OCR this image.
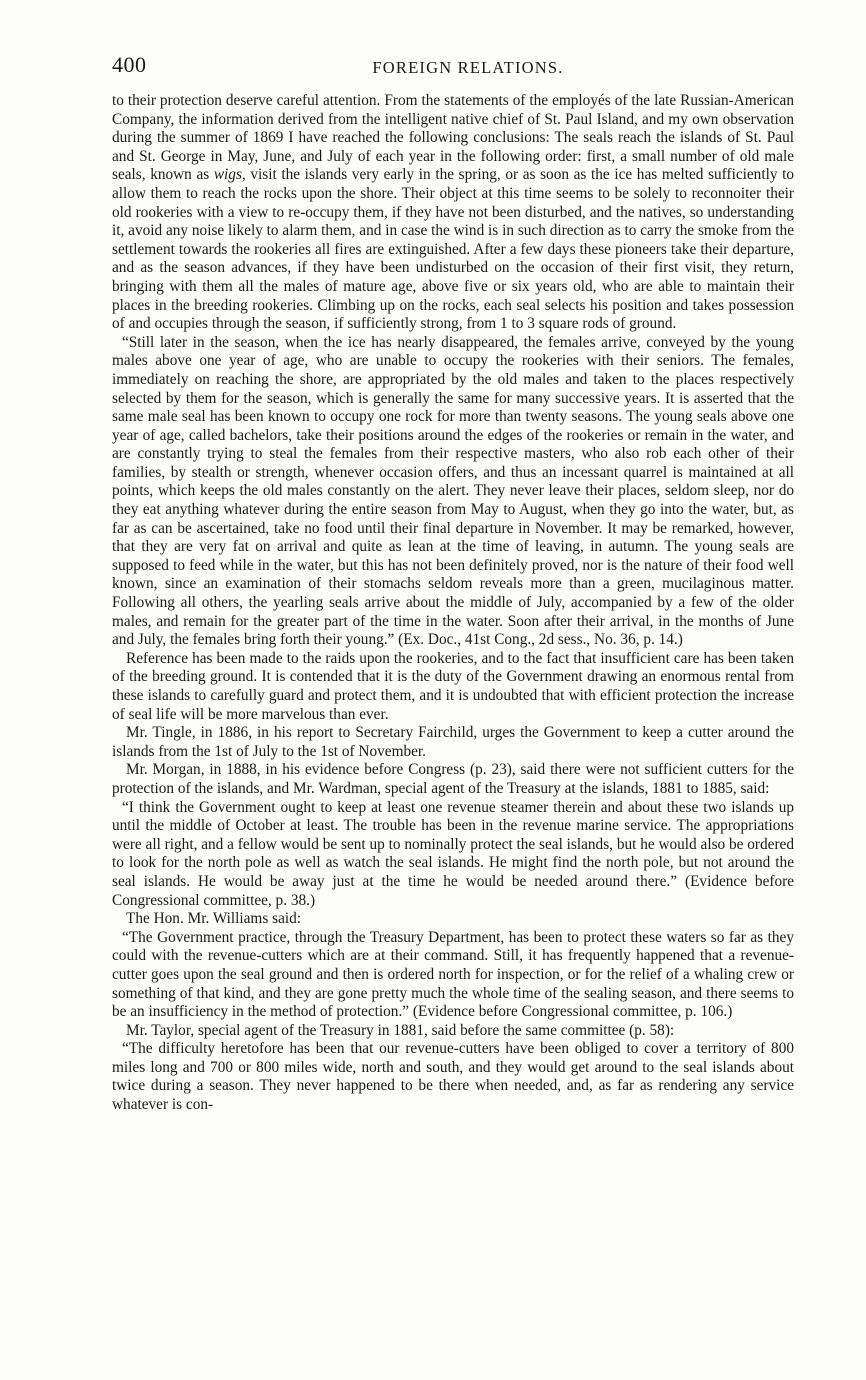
400	FOREIGN RELATIONS.

to their protection deserve careful attention. From the statements of the employés of the late Russian-American Company, the information derived from the intelligent native chief of St. Paul Island, and my own observation during the summer of 1869 I have reached the following conclusions: The seals reach the islands of St. Paul and St. George in May, June, and July of each year in the following order: first, a small number of old male seals, known as wigs, visit the islands very early in the spring, or as soon as the ice has melted sufficiently to allow them to reach the rocks upon the shore. Their object at this time seems to be solely to reconnoiter their old rookeries with a view to re-occupy them, if they have not been disturbed, and the natives, so understanding it, avoid any noise likely to alarm them, and in case the wind is in such direction as to carry the smoke from the settlement towards the rookeries all fires are extinguished. After a few days these pioneers take their departure, and as the season advances, if they have been undisturbed on the occasion of their first visit, they return, bringing with them all the males of mature age, above five or six years old, who are able to maintain their places in the breeding rookeries. Climbing up on the rocks, each seal selects his position and takes possession of and occupies through the season, if sufficiently strong, from 1 to 3 square rods of ground.

“Still later in the season, when the ice has nearly disappeared, the females arrive, conveyed by the young males above one year of age, who are unable to occupy the rookeries with their seniors. The females, immediately on reaching the shore, are appropriated by the old males and taken to the places respectively selected by them for the season, which is generally the same for many successive years. It is asserted that the same male seal has been known to occupy one rock for more than twenty seasons. The young seals above one year of age, called bachelors, take their positions around the edges of the rookeries or remain in the water, and are constantly trying to steal the females from their respective masters, who also rob each other of their families, by stealth or strength, whenever occasion offers, and thus an incessant quarrel is maintained at all points, which keeps the old males constantly on the alert. They never leave their places, seldom sleep, nor do they eat anything whatever during the entire season from May to August, when they go into the water, but, as far as can be ascertained, take no food until their final departure in November. It may be remarked, however, that they are very fat on arrival and quite as lean at the time of leaving, in autumn. The young seals are supposed to feed while in the water, but this has not been definitely proved, nor is the nature of their food well known, since an examination of their stomachs seldom reveals more than a green, mucilaginous matter. Following all others, the yearling seals arrive about the middle of July, accompanied by a few of the older males, and remain for the greater part of the time in the water. Soon after their arrival, in the months of June and July, the females bring forth their young.” (Ex. Doc., 41st Cong., 2d sess., No. 36, p. 14.)

Reference has been made to the raids upon the rookeries, and to the fact that insufficient care has been taken of the breeding ground. It is contended that it is the duty of the Government drawing an enormous rental from these islands to carefully guard and protect them, and it is undoubted that with efficient protection the increase of seal life will be more marvelous than ever.

Mr. Tingle, in 1886, in his report to Secretary Fairchild, urges the Government to keep a cutter around the islands from the 1st of July to the 1st of November.

Mr. Morgan, in 1888, in his evidence before Congress (p. 23), said there were not sufficient cutters for the protection of the islands, and Mr. Wardman, special agent of the Treasury at the islands, 1881 to 1885, said:

“I think the Government ought to keep at least one revenue steamer therein and about these two islands up until the middle of October at least. The trouble has been in the revenue marine service. The appropriations were all right, and a fellow would be sent up to nominally protect the seal islands, but he would also be ordered to look for the north pole as well as watch the seal islands. He might find the north pole, but not around the seal islands. He would be away just at the time he would be needed around there.” (Evidence before Congressional committee, p. 38.)

The Hon. Mr. Williams said:

“The Government practice, through the Treasury Department, has been to protect these waters so far as they could with the revenue-cutters which are at their command. Still, it has frequently happened that a revenue-cutter goes upon the seal ground and then is ordered north for inspection, or for the relief of a whaling crew or something of that kind, and they are gone pretty much the whole time of the sealing season, and there seems to be an insufficiency in the method of protection.” (Evidence before Congressional committee, p. 106.)

Mr. Taylor, special agent of the Treasury in 1881, said before the same committee (p. 58):

“The difficulty heretofore has been that our revenue-cutters have been obliged to cover a territory of 800 miles long and 700 or 800 miles wide, north and south, and they would get around to the seal islands about twice during a season. They never happened to be there when needed, and, as far as rendering any service whatever is con-
